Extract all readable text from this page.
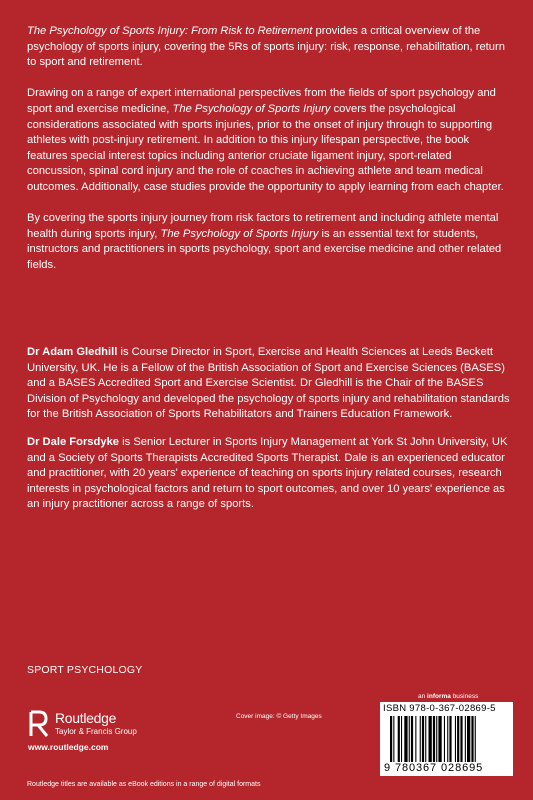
The Psychology of Sports Injury: From Risk to Retirement provides a critical overview of the psychology of sports injury, covering the 5Rs of sports injury: risk, response, rehabilitation, return to sport and retirement.

Drawing on a range of expert international perspectives from the fields of sport psychology and sport and exercise medicine, The Psychology of Sports Injury covers the psychological considerations associated with sports injuries, prior to the onset of injury through to supporting athletes with post-injury retirement. In addition to this injury lifespan perspective, the book features special interest topics including anterior cruciate ligament injury, sport-related concussion, spinal cord injury and the role of coaches in achieving athlete and team medical outcomes. Additionally, case studies provide the opportunity to apply learning from each chapter.

By covering the sports injury journey from risk factors to retirement and including athlete mental health during sports injury, The Psychology of Sports Injury is an essential text for students, instructors and practitioners in sports psychology, sport and exercise medicine and other related fields.

Dr Adam Gledhill is Course Director in Sport, Exercise and Health Sciences at Leeds Beckett University, UK. He is a Fellow of the British Association of Sport and Exercise Sciences (BASES) and a BASES Accredited Sport and Exercise Scientist. Dr Gledhill is the Chair of the BASES Division of Psychology and developed the psychology of sports injury and rehabilitation standards for the British Association of Sports Rehabilitators and Trainers Education Framework.

Dr Dale Forsdyke is Senior Lecturer in Sports Injury Management at York St John University, UK and a Society of Sports Therapists Accredited Sports Therapist. Dale is an experienced educator and practitioner, with 20 years' experience of teaching on sports injury related courses, research interests in psychological factors and return to sport outcomes, and over 10 years' experience as an injury practitioner across a range of sports.

SPORT PSYCHOLOGY
Routledge
Taylor & Francis Group
www.routledge.com
Cover image: © Getty Images
an informa business
ISBN 978-0-367-02869-5
9 780367 028695
Routledge titles are available as eBook editions in a range of digital formats
